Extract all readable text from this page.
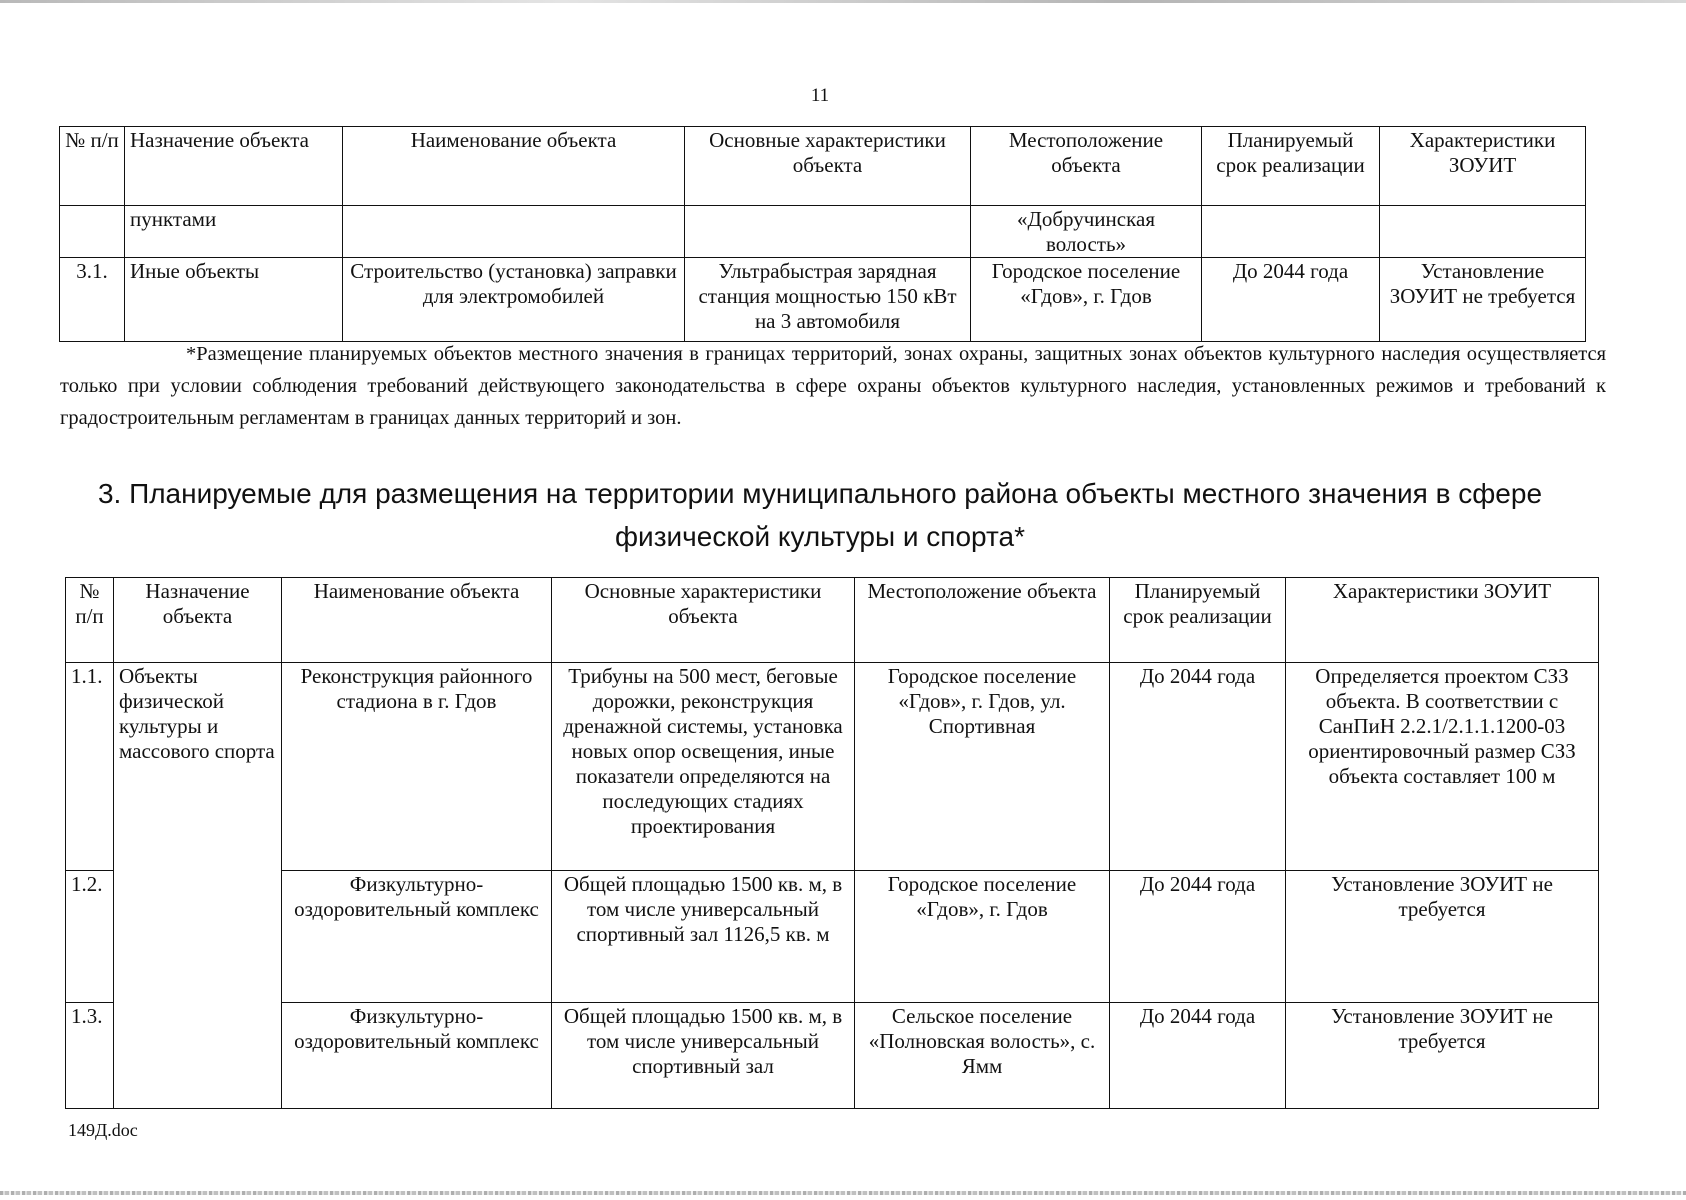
11
№ п/п	Назначение объекта	Наименование объекта	Основные характеристики объекта	Местоположение объекта	Планируемый срок реализации	Характеристики ЗОУИТ
	пунктами			«Добручинская волость»		
3.1.	Иные объекты	Строительство (установка) заправки для электромобилей	Ультрабыстрая зарядная станция мощностью 150 кВт на 3 автомобиля	Городское поселение «Гдов», г. Гдов	До 2044 года	Установление ЗОУИТ не требуется
*Размещение планируемых объектов местного значения в границах территорий, зонах охраны, защитных зонах объектов культурного наследия осуществляется только при условии соблюдения требований действующего законодательства в сфере охраны объектов культурного наследия, установленных режимов и требований к градостроительным регламентам в границах данных территорий и зон.
3. Планируемые для размещения на территории муниципального района объекты местного значения в сфере физической культуры и спорта*
№ п/п	Назначение объекта	Наименование объекта	Основные характеристики объекта	Местоположение объекта	Планируемый срок реализации	Характеристики ЗОУИТ
1.1.	Объекты физической культуры и массового спорта	Реконструкция районного стадиона в г. Гдов	Трибуны на 500 мест, беговые дорожки, реконструкция дренажной системы, установка новых опор освещения, иные показатели определяются на последующих стадиях проектирования	Городское поселение «Гдов», г. Гдов, ул. Спортивная	До 2044 года	Определяется проектом СЗЗ объекта. В соответствии с СанПиН 2.2.1/2.1.1.1200-03 ориентировочный размер СЗЗ объекта составляет 100 м
1.2.		Физкультурно-оздоровительный комплекс	Общей площадью 1500 кв. м, в том числе универсальный спортивный зал 1126,5 кв. м	Городское поселение «Гдов», г. Гдов	До 2044 года	Установление ЗОУИТ не требуется
1.3.		Физкультурно-оздоровительный комплекс	Общей площадью 1500 кв. м, в том числе универсальный спортивный зал	Сельское поселение «Полновская волость», с. Ямм	До 2044 года	Установление ЗОУИТ не требуется
149Д.doc
